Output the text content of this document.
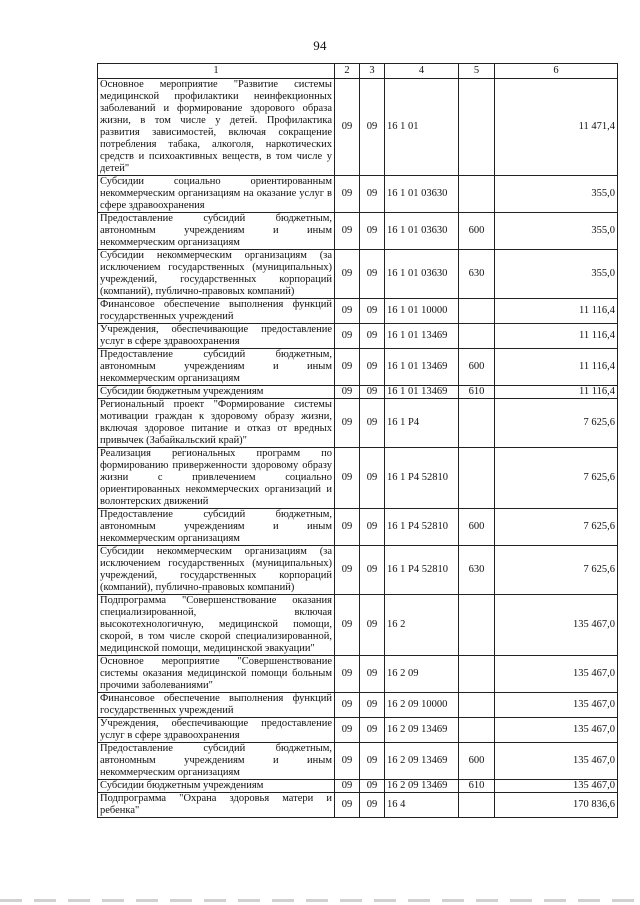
94
1	2	3	4	5	6
Основное мероприятие "Развитие системы медицинской профилактики неинфекционных заболеваний и формирование здорового образа жизни, в том числе у детей. Профилактика развития зависимостей, включая сокращение потребления табака, алкоголя, наркотических средств и психоактивных веществ, в том числе у детей"	09	09	16 1 01		11 471,4
Субсидии социально ориентированным некоммерческим организациям на оказание услуг в сфере здравоохранения	09	09	16 1 01 03630		355,0
Предоставление субсидий бюджетным, автономным учреждениям и иным некоммерческим организациям	09	09	16 1 01 03630	600	355,0
Субсидии некоммерческим организациям (за исключением государственных (муниципальных) учреждений, государственных корпораций (компаний), публично-правовых компаний)	09	09	16 1 01 03630	630	355,0
Финансовое обеспечение выполнения функций государственных учреждений	09	09	16 1 01 10000		11 116,4
Учреждения, обеспечивающие предоставление услуг в сфере здравоохранения	09	09	16 1 01 13469		11 116,4
Предоставление субсидий бюджетным, автономным учреждениям и иным некоммерческим организациям	09	09	16 1 01 13469	600	11 116,4
Субсидии бюджетным учреждениям	09	09	16 1 01 13469	610	11 116,4
Региональный проект "Формирование системы мотивации граждан к здоровому образу жизни, включая здоровое питание и отказ от вредных привычек (Забайкальский край)"	09	09	16 1 P4		7 625,6
Реализация региональных программ по формированию приверженности здоровому образу жизни с привлечением социально ориентированных некоммерческих организаций и волонтерских движений	09	09	16 1 P4 52810		7 625,6
Предоставление субсидий бюджетным, автономным учреждениям и иным некоммерческим организациям	09	09	16 1 P4 52810	600	7 625,6
Субсидии некоммерческим организациям (за исключением государственных (муниципальных) учреждений, государственных корпораций (компаний), публично-правовых компаний)	09	09	16 1 P4 52810	630	7 625,6
Подпрограмма "Совершенствование оказания специализированной, включая высокотехнологичную, медицинской помощи, скорой, в том числе скорой специализированной, медицинской помощи, медицинской эвакуации"	09	09	16 2		135 467,0
Основное мероприятие "Совершенствование системы оказания медицинской помощи больным прочими заболеваниями"	09	09	16 2 09		135 467,0
Финансовое обеспечение выполнения функций государственных учреждений	09	09	16 2 09 10000		135 467,0
Учреждения, обеспечивающие предоставление услуг в сфере здравоохранения	09	09	16 2 09 13469		135 467,0
Предоставление субсидий бюджетным, автономным учреждениям и иным некоммерческим организациям	09	09	16 2 09 13469	600	135 467,0
Субсидии бюджетным учреждениям	09	09	16 2 09 13469	610	135 467,0
Подпрограмма "Охрана здоровья матери и ребенка"	09	09	16 4		170 836,6
